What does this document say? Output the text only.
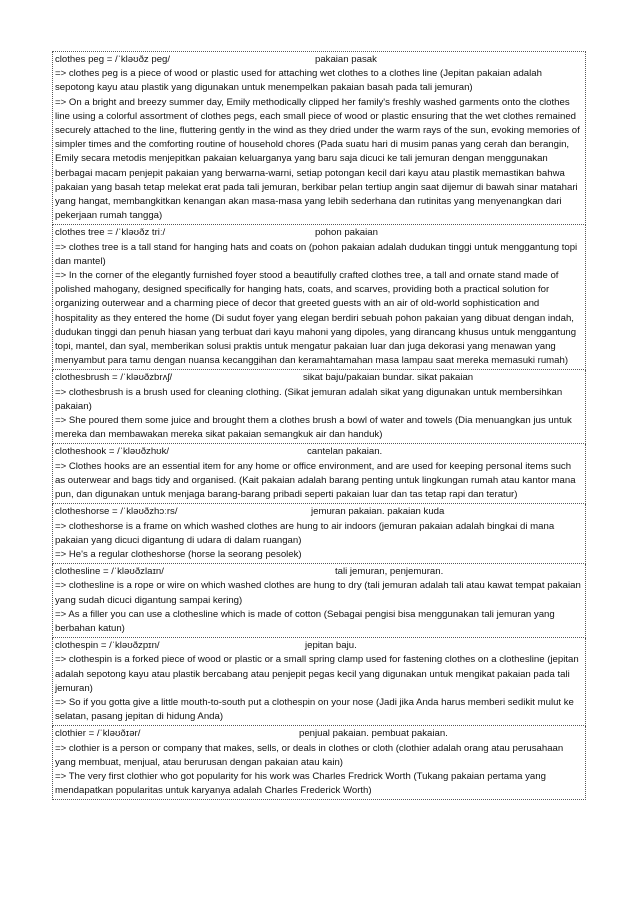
clothes peg = /ˈkləʊðz peg/	pakaian pasak
=> clothes peg is a piece of wood or plastic used for attaching wet clothes to a clothes line (Jepitan pakaian adalah sepotong kayu atau plastik yang digunakan untuk menempelkan pakaian basah pada tali jemuran)
=> On a bright and breezy summer day, Emily methodically clipped her family's freshly washed garments onto the clothes line using a colorful assortment of clothes pegs, each small piece of wood or plastic ensuring that the wet clothes remained securely attached to the line, fluttering gently in the wind as they dried under the warm rays of the sun, evoking memories of simpler times and the comforting routine of household chores (Pada suatu hari di musim panas yang cerah dan berangin, Emily secara metodis menjepitkan pakaian keluarganya yang baru saja dicuci ke tali jemuran dengan menggunakan berbagai macam penjepit pakaian yang berwarna-warni, setiap potongan kecil dari kayu atau plastik memastikan bahwa pakaian yang basah tetap melekat erat pada tali jemuran, berkibar pelan tertiup angin saat dijemur di bawah sinar matahari yang hangat, membangkitkan kenangan akan masa-masa yang lebih sederhana dan rutinitas yang menyenangkan dari pekerjaan rumah tangga)
clothes tree = /ˈkləʊðz triː/	pohon pakaian
=> clothes tree is a tall stand for hanging hats and coats on (pohon pakaian adalah dudukan tinggi untuk menggantung topi dan mantel)
=> In the corner of the elegantly furnished foyer stood a beautifully crafted clothes tree, a tall and ornate stand made of polished mahogany, designed specifically for hanging hats, coats, and scarves, providing both a practical solution for organizing outerwear and a charming piece of decor that greeted guests with an air of old-world sophistication and hospitality as they entered the home (Di sudut foyer yang elegan berdiri sebuah pohon pakaian yang dibuat dengan indah, dudukan tinggi dan penuh hiasan yang terbuat dari kayu mahoni yang dipoles, yang dirancang khusus untuk menggantung topi, mantel, dan syal, memberikan solusi praktis untuk mengatur pakaian luar dan juga dekorasi yang menawan yang menyambut para tamu dengan nuansa kecanggihan dan keramahtamahan masa lampau saat mereka memasuki rumah)
clothesbrush = /ˈkləʊðzbrʌʃ/	sikat baju/pakaian bundar. sikat pakaian
=> clothesbrush is a brush used for cleaning clothing. (Sikat jemuran adalah sikat yang digunakan untuk membersihkan pakaian)
=> She poured them some juice and brought them a clothes brush a bowl of water and towels (Dia menuangkan jus untuk mereka dan membawakan mereka sikat pakaian semangkuk air dan handuk)
clotheshook = /ˈkləʊðzhʊk/	cantelan pakaian.
=> Clothes hooks are an essential item for any home or office environment, and are used for keeping personal items such as outerwear and bags tidy and organised. (Kait pakaian adalah barang penting untuk lingkungan rumah atau kantor mana pun, dan digunakan untuk menjaga barang-barang pribadi seperti pakaian luar dan tas tetap rapi dan teratur)
clotheshorse = /ˈkləʊðzhɔːrs/	jemuran pakaian. pakaian kuda
=> clotheshorse is a frame on which washed clothes are hung to air indoors (jemuran pakaian adalah bingkai di mana pakaian yang dicuci digantung di udara di dalam ruangan)
=> He's a regular clotheshorse (horse la seorang pesolek)
clothesline = /ˈkləʊðzlaɪn/	tali jemuran, penjemuran.
=> clothesline is a rope or wire on which washed clothes are hung to dry (tali jemuran adalah tali atau kawat tempat pakaian yang sudah dicuci digantung sampai kering)
=> As a filler you can use a clothesline which is made of cotton (Sebagai pengisi bisa menggunakan tali jemuran yang berbahan katun)
clothespin = /ˈkləʊðzpɪn/	jepitan baju.
=> clothespin is a forked piece of wood or plastic or a small spring clamp used for fastening clothes on a clothesline (jepitan adalah sepotong kayu atau plastik bercabang atau penjepit pegas kecil yang digunakan untuk mengikat pakaian pada tali jemuran)
=> So if you gotta give a little mouth-to-south put a clothespin on your nose (Jadi jika Anda harus memberi sedikit mulut ke selatan, pasang jepitan di hidung Anda)
clothier = /ˈkləʊðɪər/	penjual pakaian. pembuat pakaian.
=> clothier is a person or company that makes, sells, or deals in clothes or cloth (clothier adalah orang atau perusahaan yang membuat, menjual, atau berurusan dengan pakaian atau kain)
=> The very first clothier who got popularity for his work was Charles Fredrick Worth (Tukang pakaian pertama yang mendapatkan popularitas untuk karyanya adalah Charles Frederick Worth)
